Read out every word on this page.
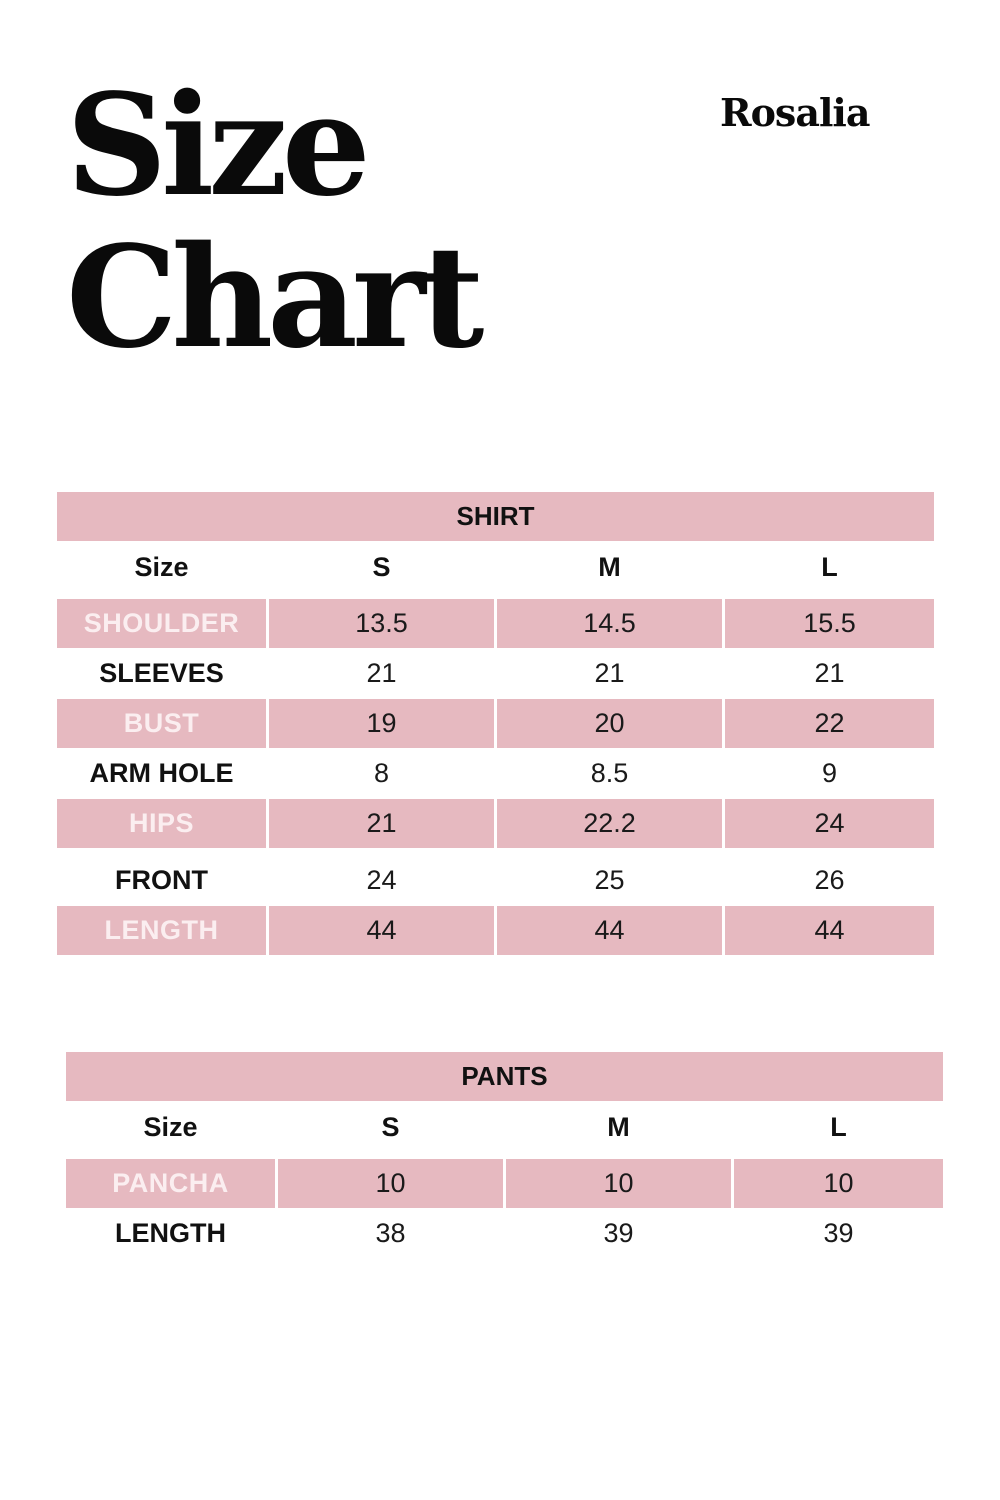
Size
Chart
Rosalia
SHIRT
Size	S	M	L
SHOULDER	13.5	14.5	15.5
SLEEVES	21	21	21
BUST	19	20	22
ARM HOLE	8	8.5	9
HIPS	21	22.2	24
FRONT	24	25	26
LENGTH	44	44	44
PANTS
Size	S	M	L
PANCHA	10	10	10
LENGTH	38	39	39
